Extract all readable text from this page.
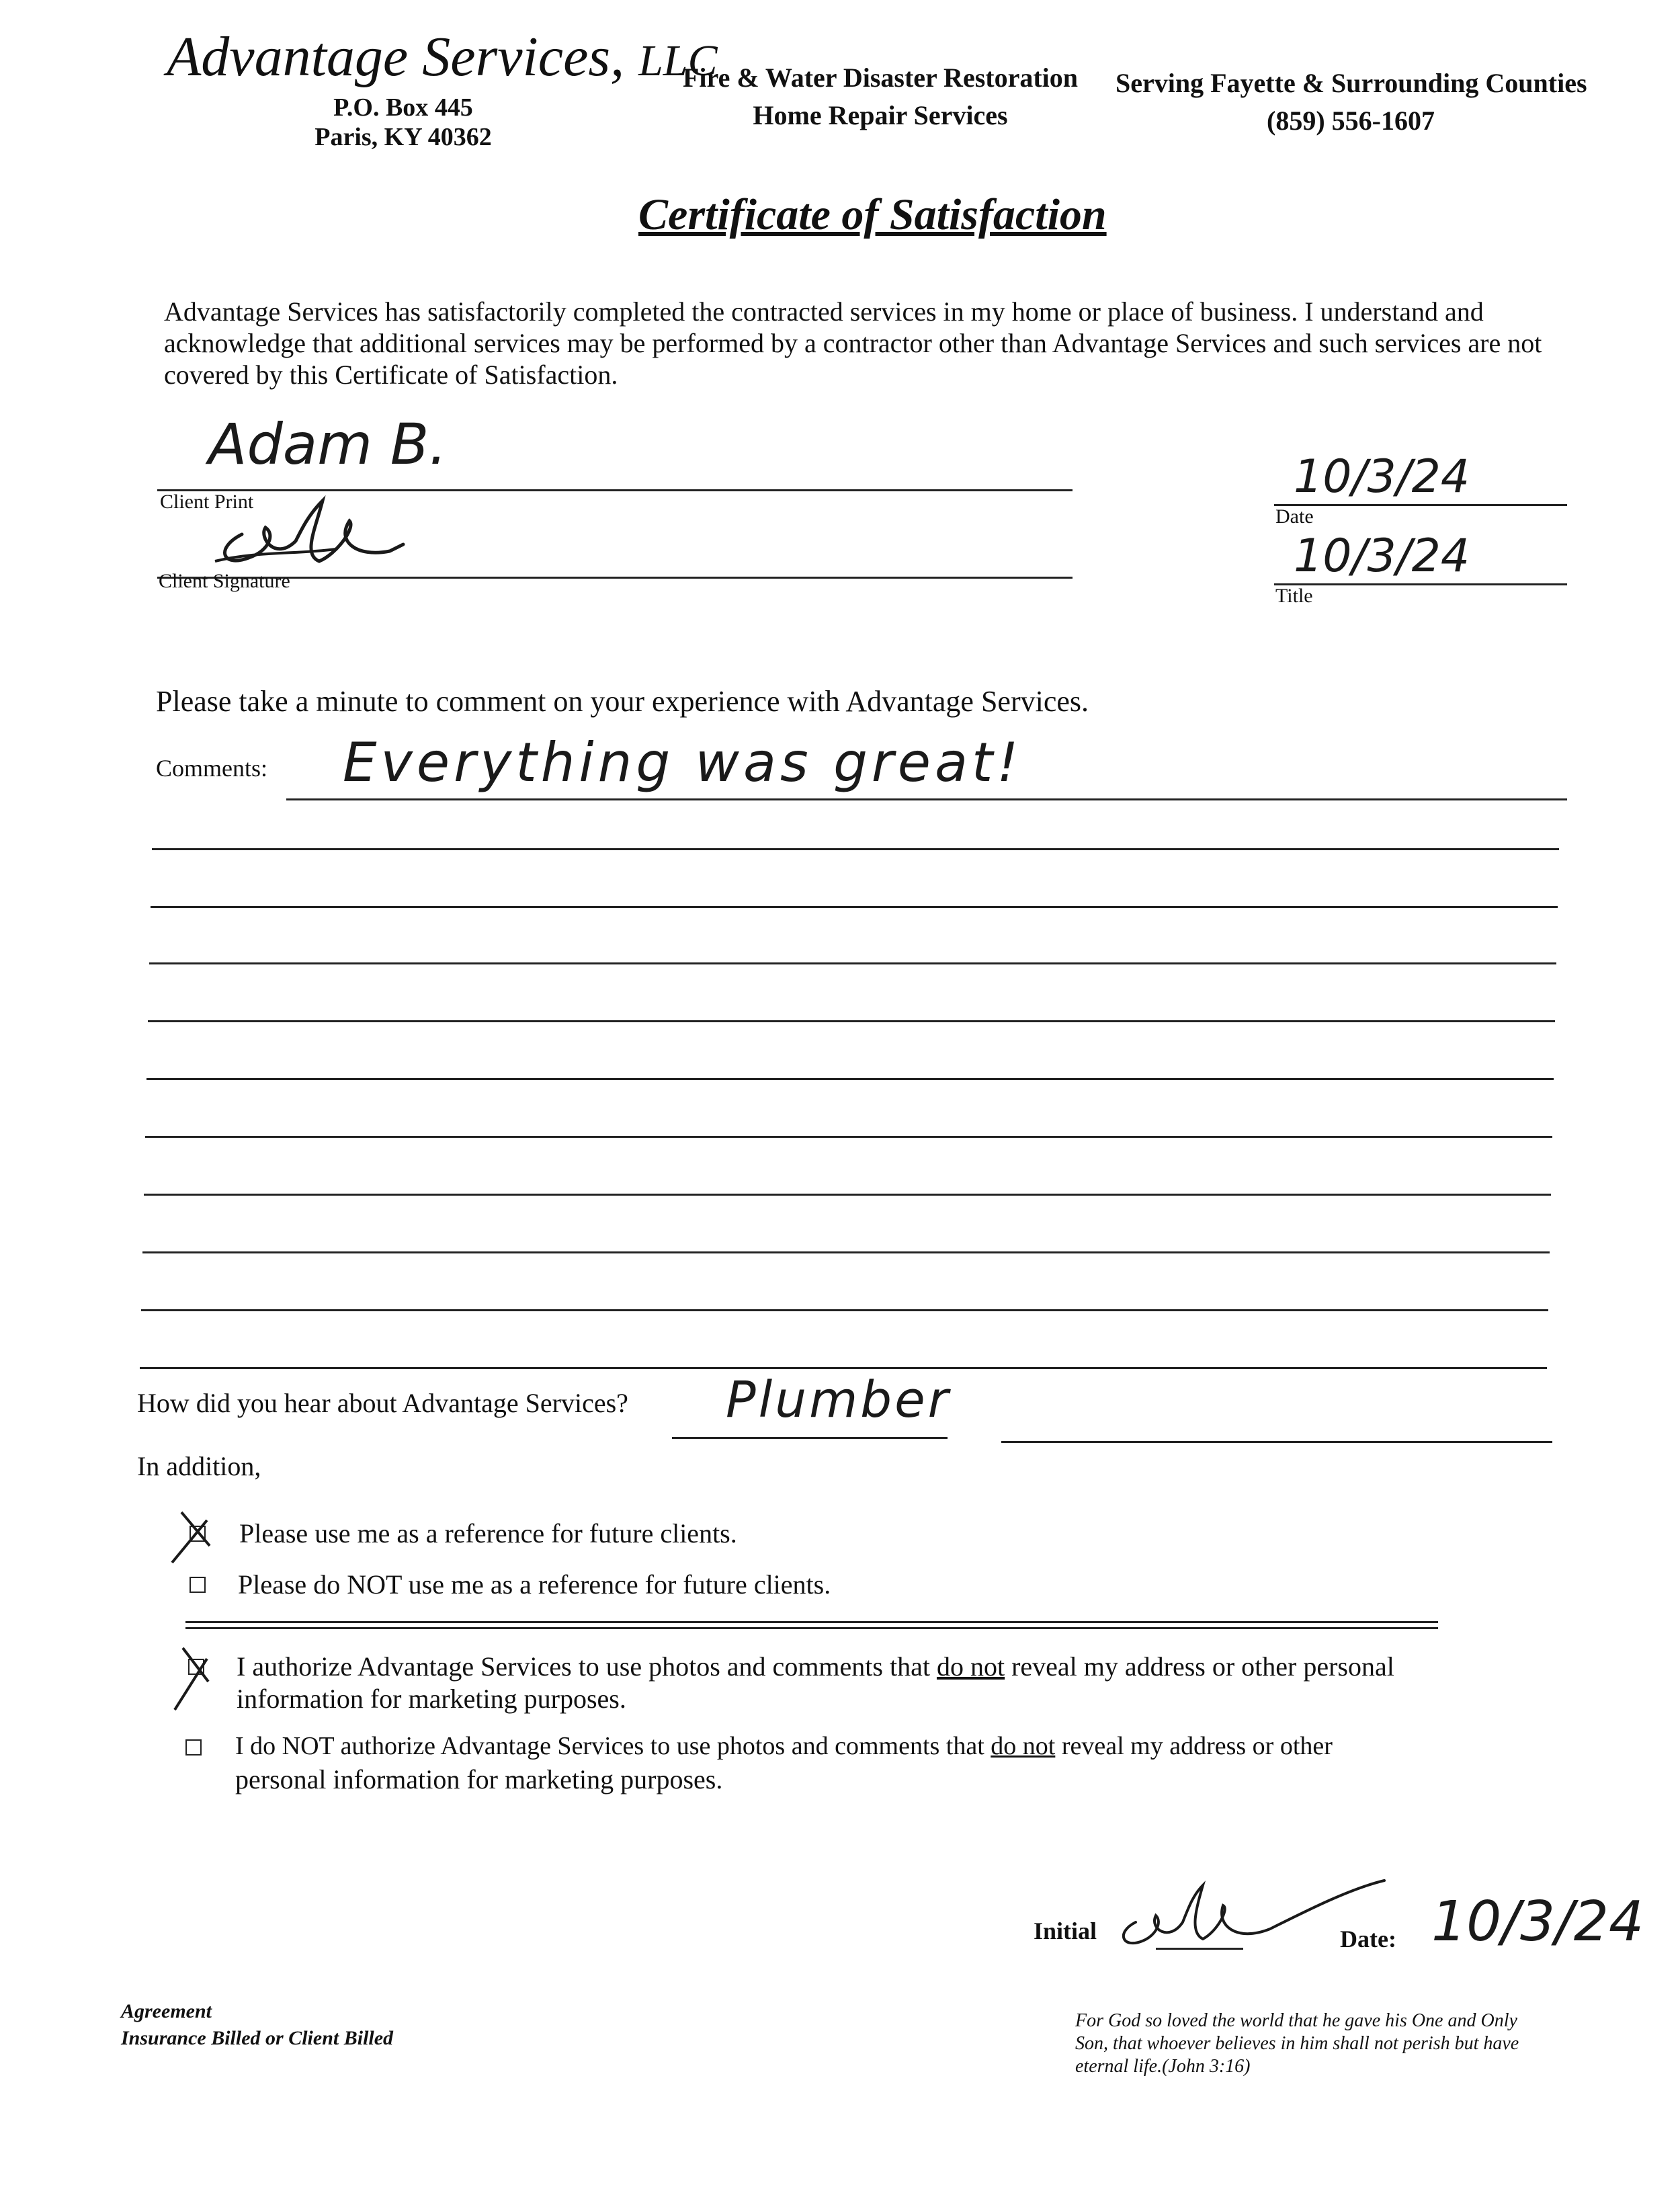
Advantage Services, LLC
P.O. Box 445
Paris, KY 40362
Fire & Water Disaster Restoration
Home Repair Services
Serving Fayette & Surrounding Counties
(859) 556-1607
Certificate of Satisfaction
Advantage Services has satisfactorily completed the contracted services in my home or place of business. I understand and acknowledge that additional services may be performed by a contractor other than Advantage Services and such services are not covered by this Certificate of Satisfaction.
Adam B.
Client Print
Client Signature
10/3/24
Date
10/3/24
Title
Please take a minute to comment on your experience with Advantage Services.
Comments: Everything was great!
How did you hear about Advantage Services? Plumber
In addition,
Please use me as a reference for future clients.
Please do NOT use me as a reference for future clients.
I authorize Advantage Services to use photos and comments that do not reveal my address or other personal
information for marketing purposes.
I do NOT authorize Advantage Services to use photos and comments that do not reveal my address or other
personal information for marketing purposes.
Initial	Date: 10/3/24
Agreement
Insurance Billed or Client Billed
For God so loved the world that he gave his One and Only Son, that whoever believes in him shall not perish but have eternal life.(John 3:16)
